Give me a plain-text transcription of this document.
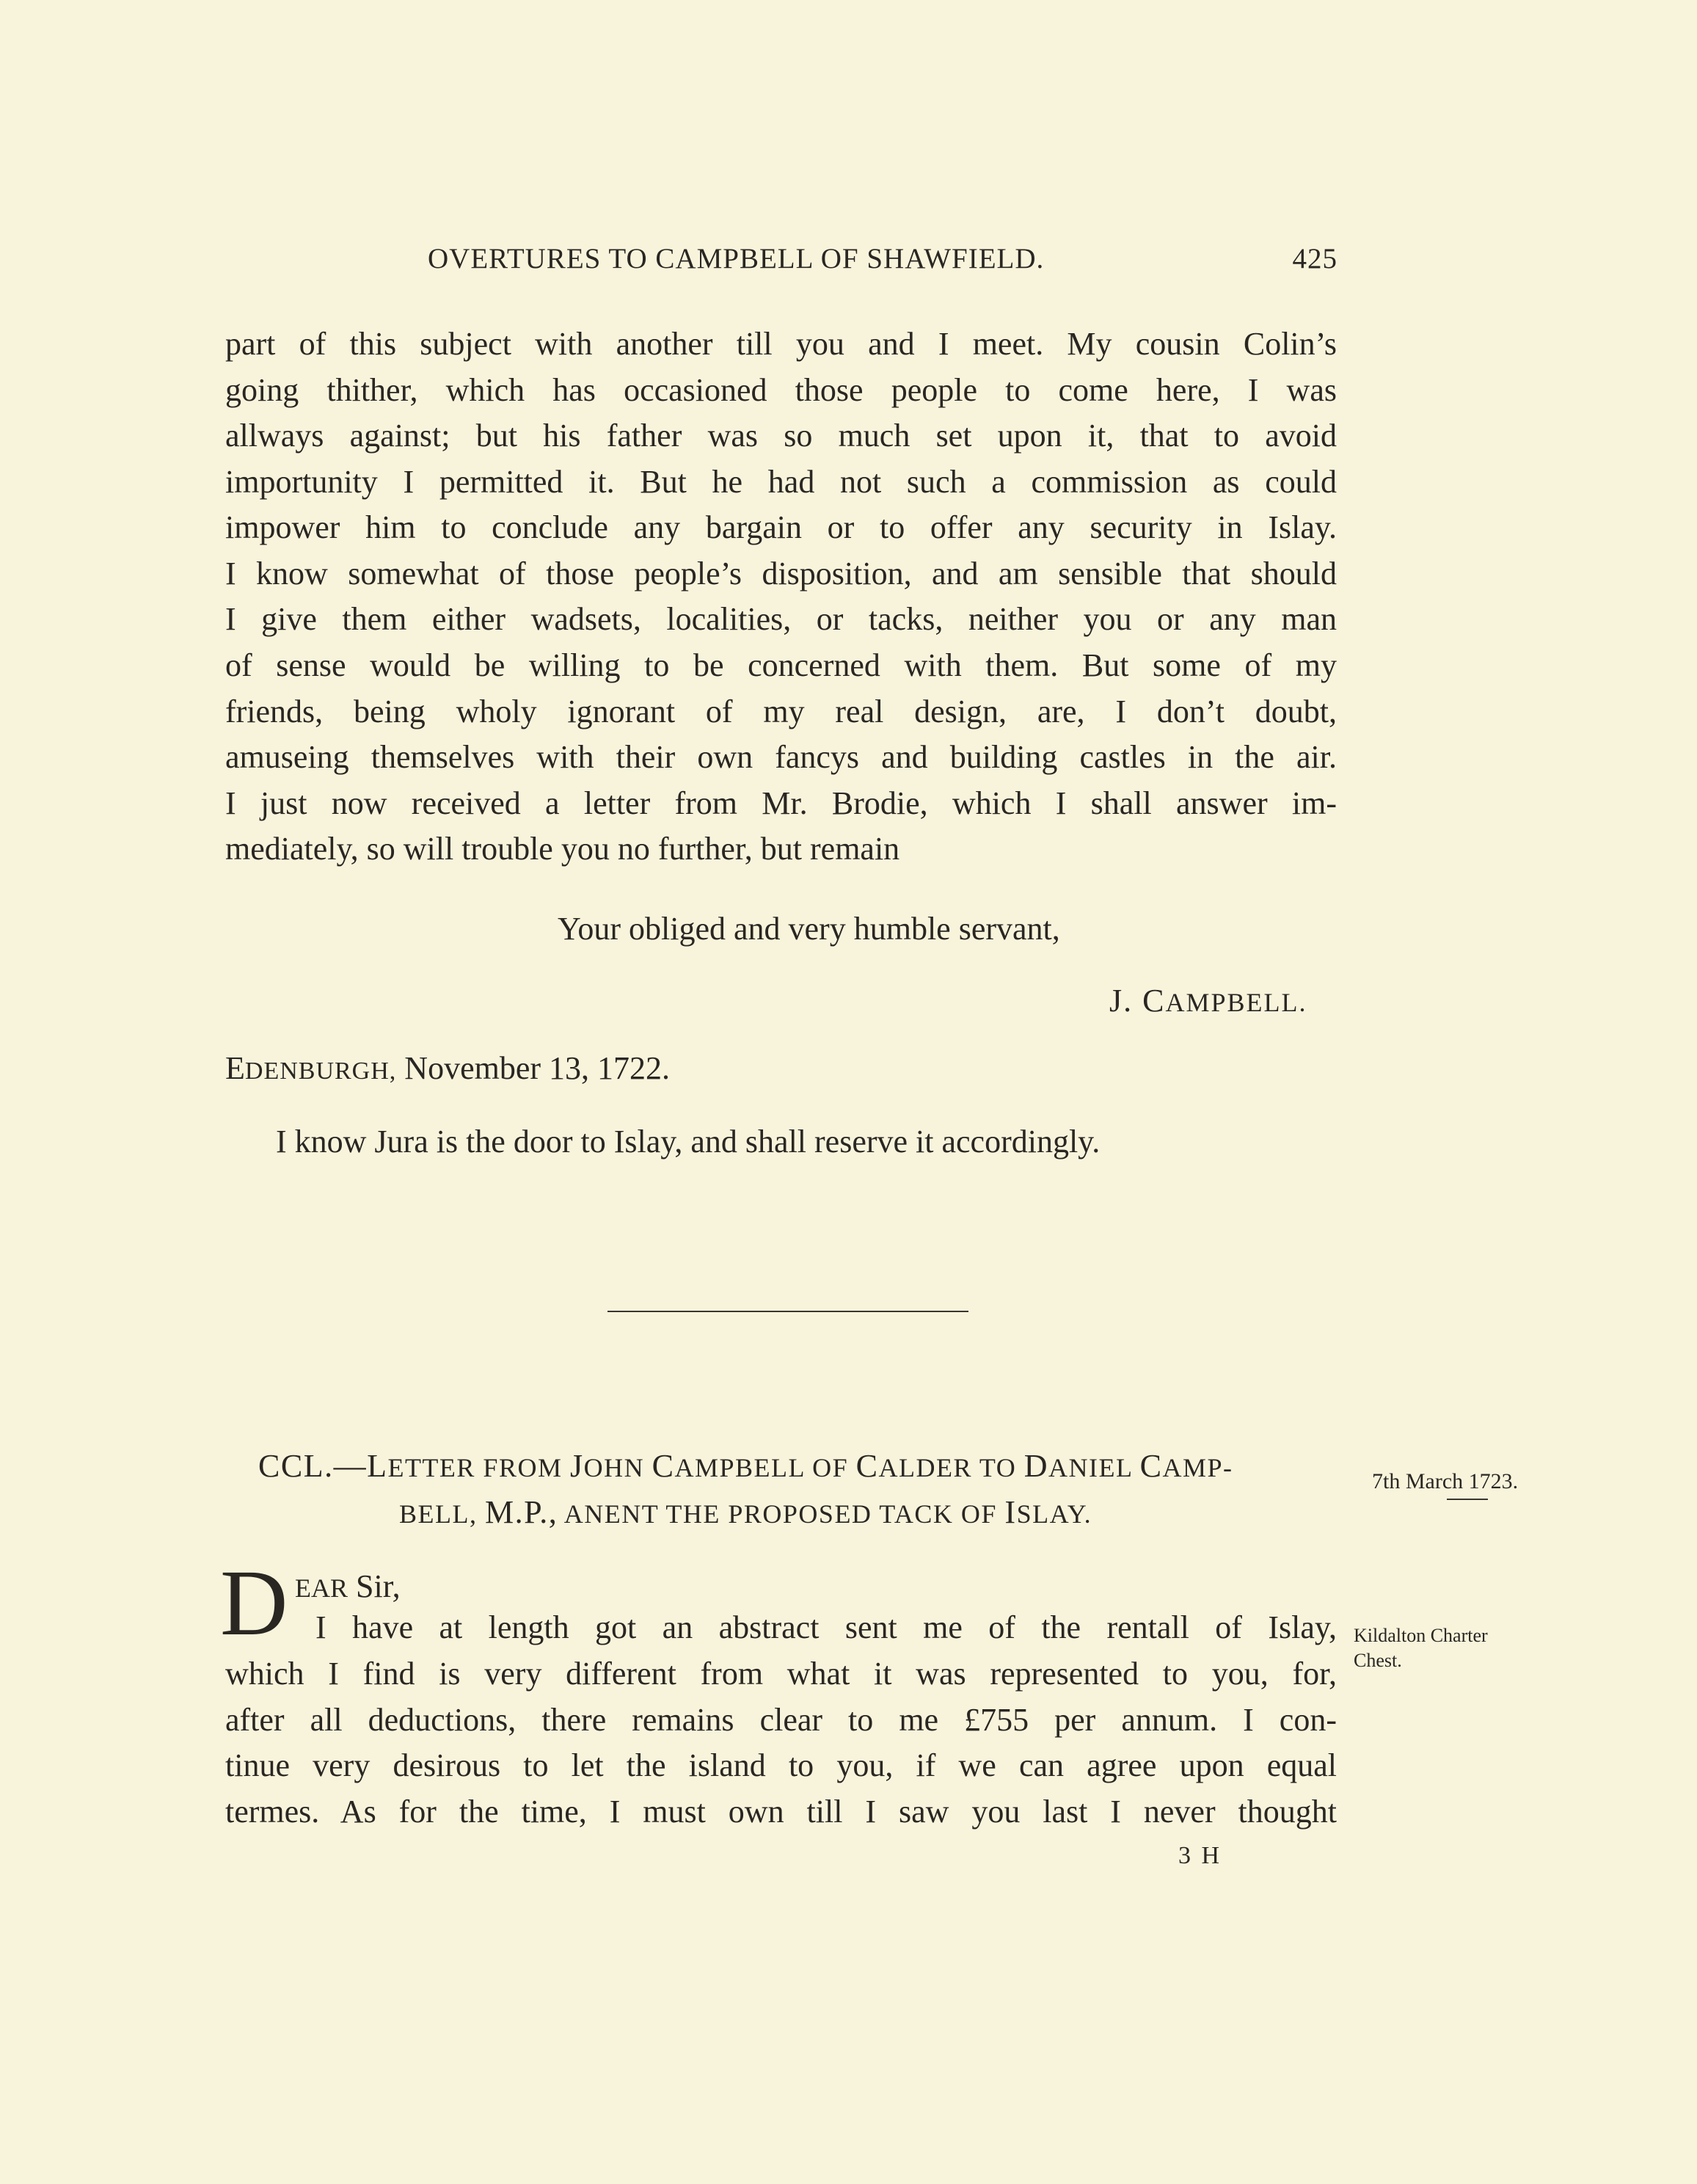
OVERTURES TO CAMPBELL OF SHAWFIELD.	425
part of this subject with another till you and I meet. My cousin Colin’s
going thither, which has occasioned those people to come here, I was
allways against; but his father was so much set upon it, that to avoid
importunity I permitted it. But he had not such a commission as could
impower him to conclude any bargain or to offer any security in Islay.
I know somewhat of those people’s disposition, and am sensible that should
I give them either wadsets, localities, or tacks, neither you or any man
of sense would be willing to be concerned with them. But some of my
friends, being wholy ignorant of my real design, are, I don’t doubt,
amuseing themselves with their own fancys and building castles in the air.
I just now received a letter from Mr. Brodie, which I shall answer im-
mediately, so will trouble you no further, but remain
Your obliged and very humble servant,
J. CAMPBELL.
EDENBURGH, November 13, 1722.
I know Jura is the door to Islay, and shall reserve it accordingly.
CCL.—LETTER FROM JOHN CAMPBELL OF CALDER TO DANIEL CAMP-
BELL, M.P., ANENT THE PROPOSED TACK OF ISLAY.
7th March 1723.
Kildalton Charter
Chest.
D EAR Sir,
I have at length got an abstract sent me of the rentall of Islay,
which I find is very different from what it was represented to you, for,
after all deductions, there remains clear to me £755 per annum. I con-
tinue very desirous to let the island to you, if we can agree upon equal
termes. As for the time, I must own till I saw you last I never thought
3 H
